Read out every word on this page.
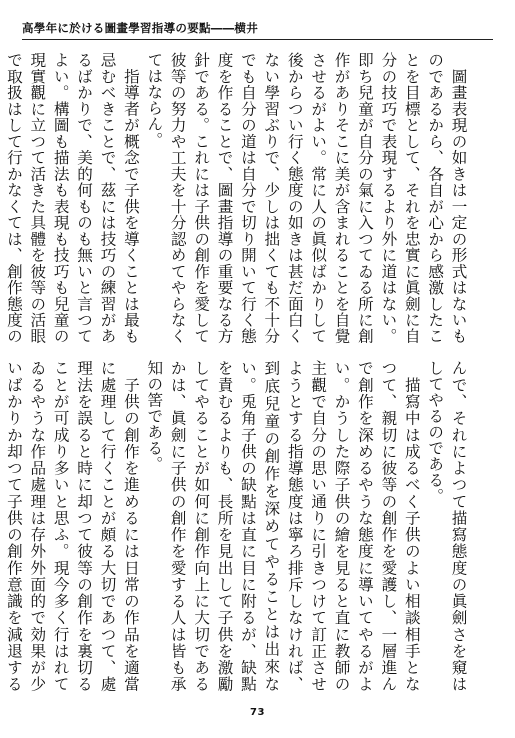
高學年に於ける圖畫學習指導の要點――横井

　圖畫表現の如きは一定の形式はないものであるから、各自が心から感激したことを目標として、それを忠實に眞劍に自分の技巧で表現するより外に道はない。即ち兒童が自分の氣に入つてゐる所に創作がありそこに美が含まれることを自覺させるがよい。常に人の眞似ばかりして後からつい行く態度の如きは甚だ面白くない學習ぶりで、少しは拙くても不十分でも自分の道は自分で切り開いて行く態度を作ることで、圖畫指導の重要なる方針である。これには子供の創作を愛して彼等の努力や工夫を十分認めてやらなくてはならん。
　指導者が概念で子供を導くことは最も忌むべきことで、茲には技巧の練習があるばかりで、美的何ものも無いと言つてよい。構圖も描法も表現も技巧も兒童の現實觀に立つて活きた具體を彼等の活眼で取扱はして行かなくては、創作態度の

んで、それによつて描寫態度の眞劍さを窺はしてやるのである。
　描寫中は成るべく子供のよい相談相手となつて、親切に彼等の創作を愛護し、一層進んで創作を深めるやうな態度に導いてやるがよい。かうした際子供の繪を見ると直に教師の主觀で自分の思い通りに引きつけて訂正させようとする指導態度は寧ろ排斥しなければ、到底兒童の創作を深めてやることは出來ない。兎角子供の缺點は直に目に附るが、缺點を責むるよりも、長所を見出して子供を激勵してやることが如何に創作向上に大切であるかは、眞劍に子供の創作を愛する人は皆も承知の筈である。
　子供の創作を進めるには日常の作品を適當に處理して行くことが頗る大切であつて、處理法を誤ると時に却つて彼等の創作を裏切ることが可成り多いと思ふ。現今多く行はれてゐるやうな作品處理は存外外面的で効果が少いばかりか却つて子供の創作意識を減退する

73
